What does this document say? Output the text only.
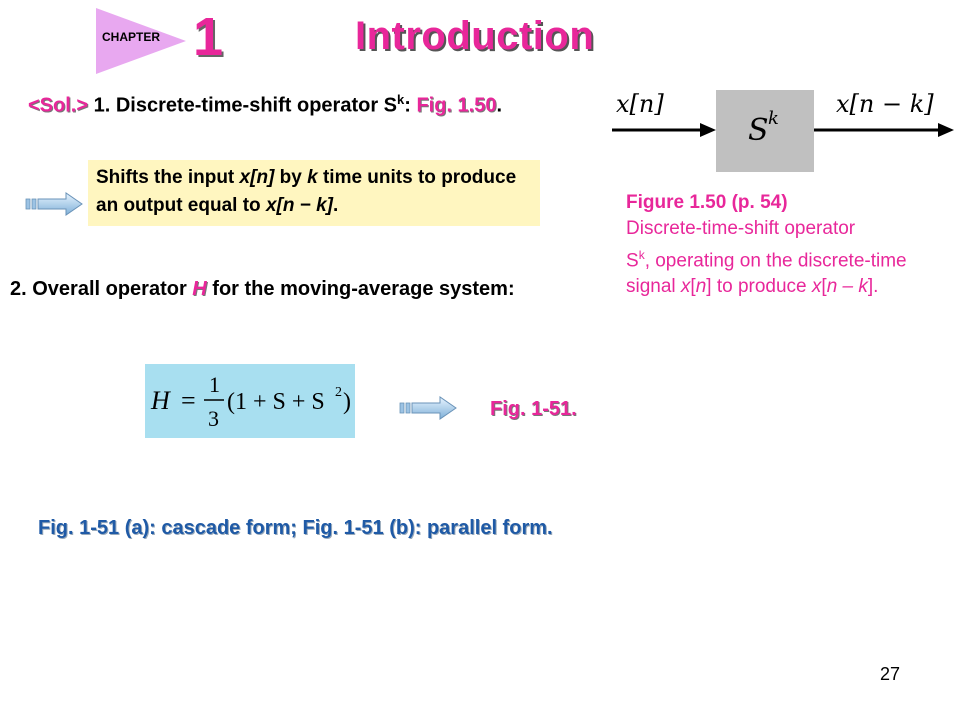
CHAPTER 1	Introduction
<Sol.> 1. Discrete-time-shift operator $S^k$: Fig. 1.50.
Shifts the input x[n] by k time units to produce an output equal to x[n − k].
2. Overall operator H for the moving-average system:
H =
1
3
(1 + S + S 2 )	Fig. 1-51.
Fig. 1-51 (a): cascade form; Fig. 1-51 (b): parallel form.
x[n]
S k
x[n − k]
Figure 1.50 (p. 54)
Discrete-time-shift operator
$S^k$, operating on the discrete-time signal x[n] to produce x[n – k].
27
